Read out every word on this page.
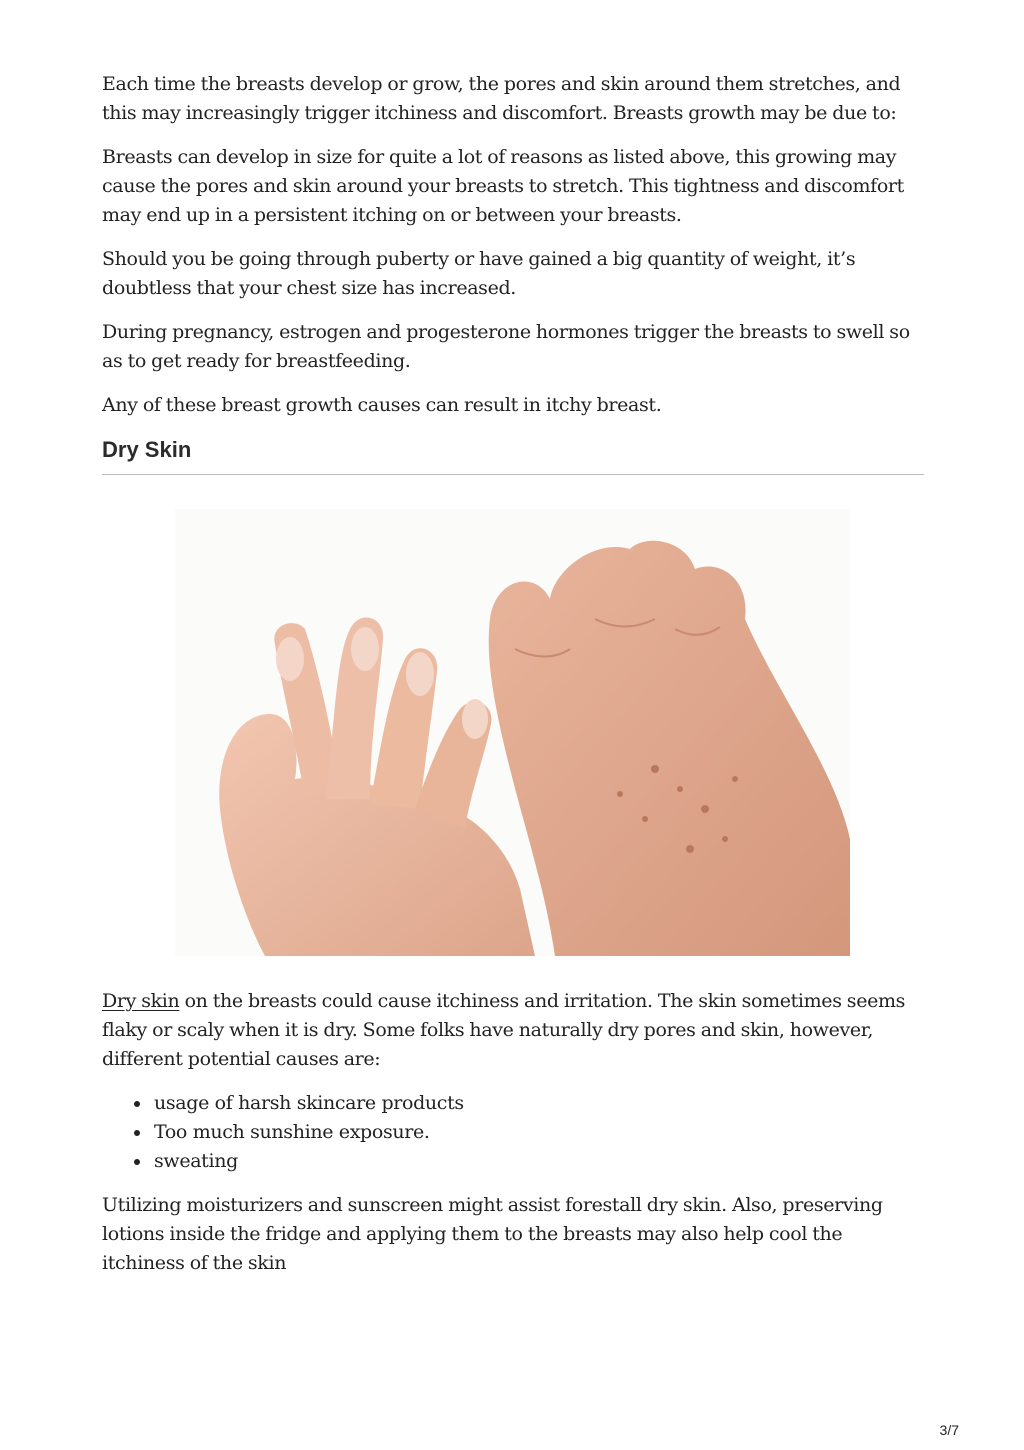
Each time the breasts develop or grow, the pores and skin around them stretches, and this may increasingly trigger itchiness and discomfort. Breasts growth may be due to:

Breasts can develop in size for quite a lot of reasons as listed above, this growing may cause the pores and skin around your breasts to stretch. This tightness and discomfort may end up in a persistent itching on or between your breasts.

Should you be going through puberty or have gained a big quantity of weight, it’s doubtless that your chest size has increased.

During pregnancy, estrogen and progesterone hormones trigger the breasts to swell so as to get ready for breastfeeding.

Any of these breast growth causes can result in itchy breast.

Dry Skin

Dry skin on the breasts could cause itchiness and irritation. The skin sometimes seems flaky or scaly when it is dry. Some folks have naturally dry pores and skin, however, different potential causes are:

• usage of harsh skincare products
• Too much sunshine exposure.
• sweating

Utilizing moisturizers and sunscreen might assist forestall dry skin. Also, preserving lotions inside the fridge and applying them to the breasts may also help cool the itchiness of the skin

3/7
